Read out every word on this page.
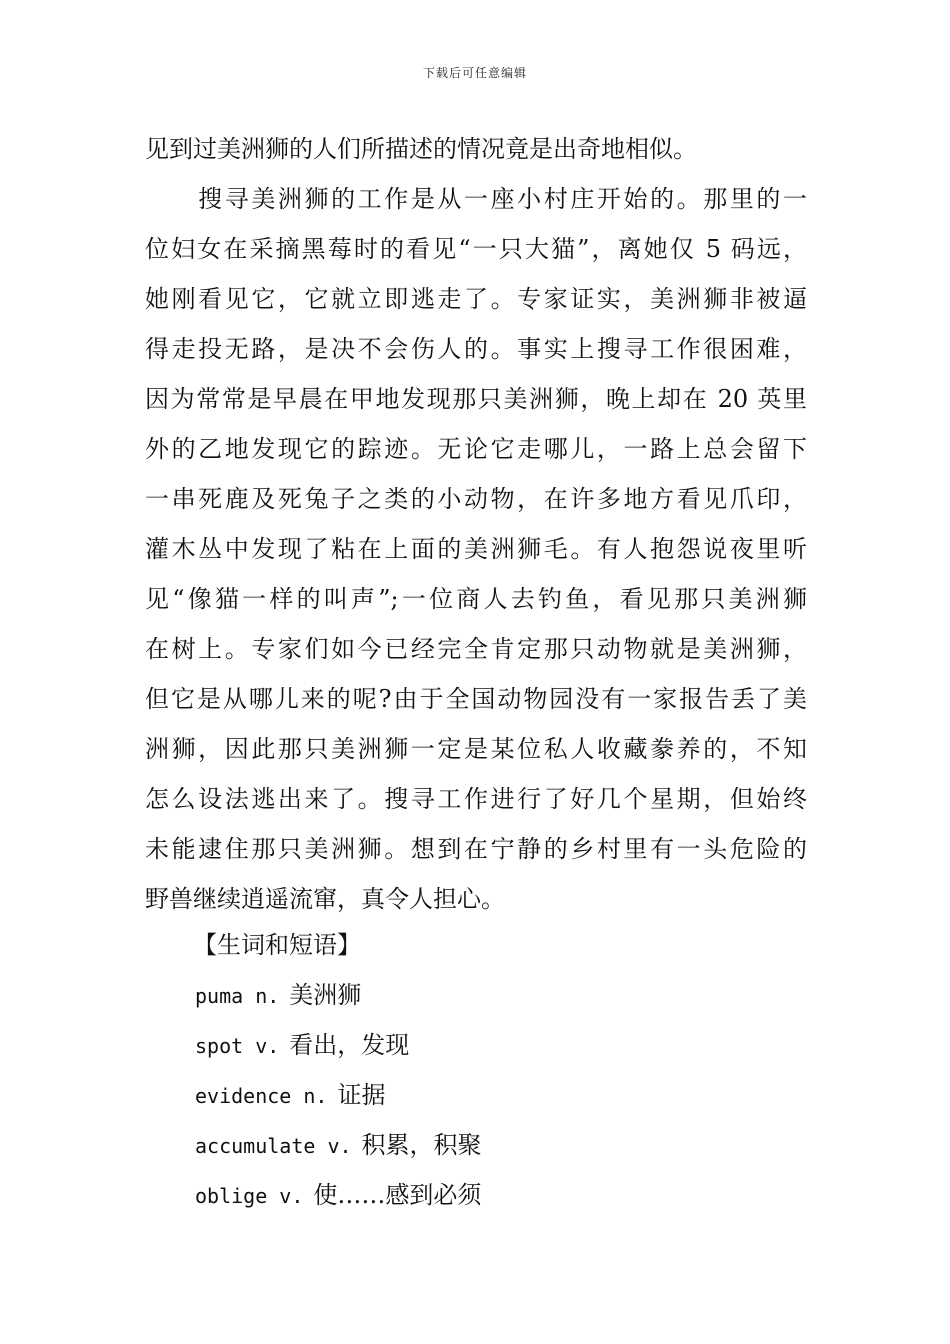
下载后可任意编辑
见到过美洲狮的人们所描述的情况竟是出奇地相似。
　　搜寻美洲狮的工作是从一座小村庄开始的。那里的一
位妇女在采摘黑莓时的看见“一只大猫”，离她仅 5 码远，
她刚看见它，它就立即逃走了。专家证实，美洲狮非被逼
得走投无路，是决不会伤人的。事实上搜寻工作很困难，
因为常常是早晨在甲地发现那只美洲狮，晚上却在 20 英里
外的乙地发现它的踪迹。无论它走哪儿，一路上总会留下
一串死鹿及死兔子之类的小动物，在许多地方看见爪印，
灌木丛中发现了粘在上面的美洲狮毛。有人抱怨说夜里听
见“像猫一样的叫声”;一位商人去钓鱼，看见那只美洲狮
在树上。专家们如今已经完全肯定那只动物就是美洲狮，
但它是从哪儿来的呢?由于全国动物园没有一家报告丢了美
洲狮，因此那只美洲狮一定是某位私人收藏豢养的，不知
怎么设法逃出来了。搜寻工作进行了好几个星期，但始终
未能逮住那只美洲狮。想到在宁静的乡村里有一头危险的
野兽继续逍遥流窜，真令人担心。
【生词和短语】
puma n. 美洲狮
spot v. 看出，发现
evidence n. 证据
accumulate v. 积累，积聚
oblige v. 使……感到必须
